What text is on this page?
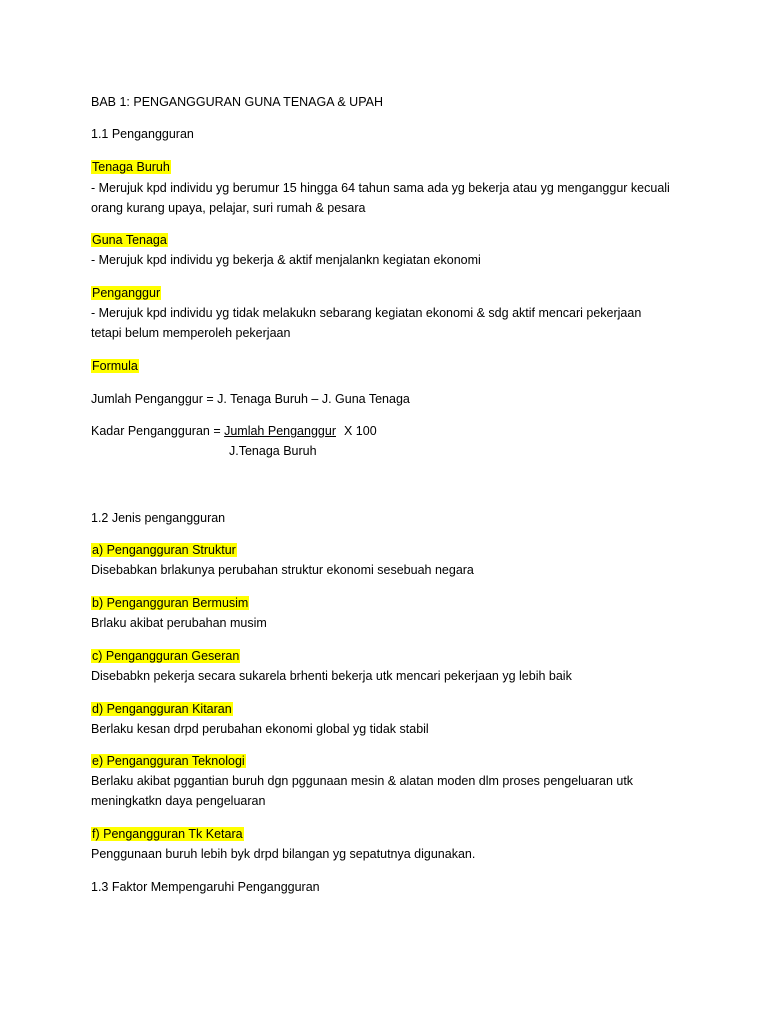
BAB 1: PENGANGGURAN GUNA TENAGA & UPAH
1.1 Pengangguran
Tenaga Buruh
- Merujuk kpd individu yg berumur 15 hingga 64 tahun sama ada yg bekerja atau yg menganggur kecuali
orang kurang upaya, pelajar, suri rumah & pesara
Guna Tenaga
- Merujuk kpd individu yg bekerja & aktif menjalankn kegiatan ekonomi
Penganggur
- Merujuk kpd individu yg tidak melakukn sebarang kegiatan ekonomi & sdg aktif mencari pekerjaan
tetapi belum memperoleh pekerjaan
Formula
Jumlah Penganggur = J. Tenaga Buruh – J. Guna Tenaga
Kadar Pengangguran = Jumlah Penganggur X 100
J.Tenaga Buruh
1.2 Jenis pengangguran
a) Pengangguran Struktur
Disebabkan brlakunya perubahan struktur ekonomi sesebuah negara
b) Pengangguran Bermusim
Brlaku akibat perubahan musim
c) Pengangguran Geseran
Disebabkn pekerja secara sukarela brhenti bekerja utk mencari pekerjaan yg lebih baik
d) Pengangguran Kitaran
Berlaku kesan drpd perubahan ekonomi global yg tidak stabil
e) Pengangguran Teknologi
Berlaku akibat pggantian buruh dgn pggunaan mesin & alatan moden dlm proses pengeluaran utk
meningkatkn daya pengeluaran
f) Pengangguran Tk Ketara
Penggunaan buruh lebih byk drpd bilangan yg sepatutnya digunakan.
1.3 Faktor Mempengaruhi Pengangguran
